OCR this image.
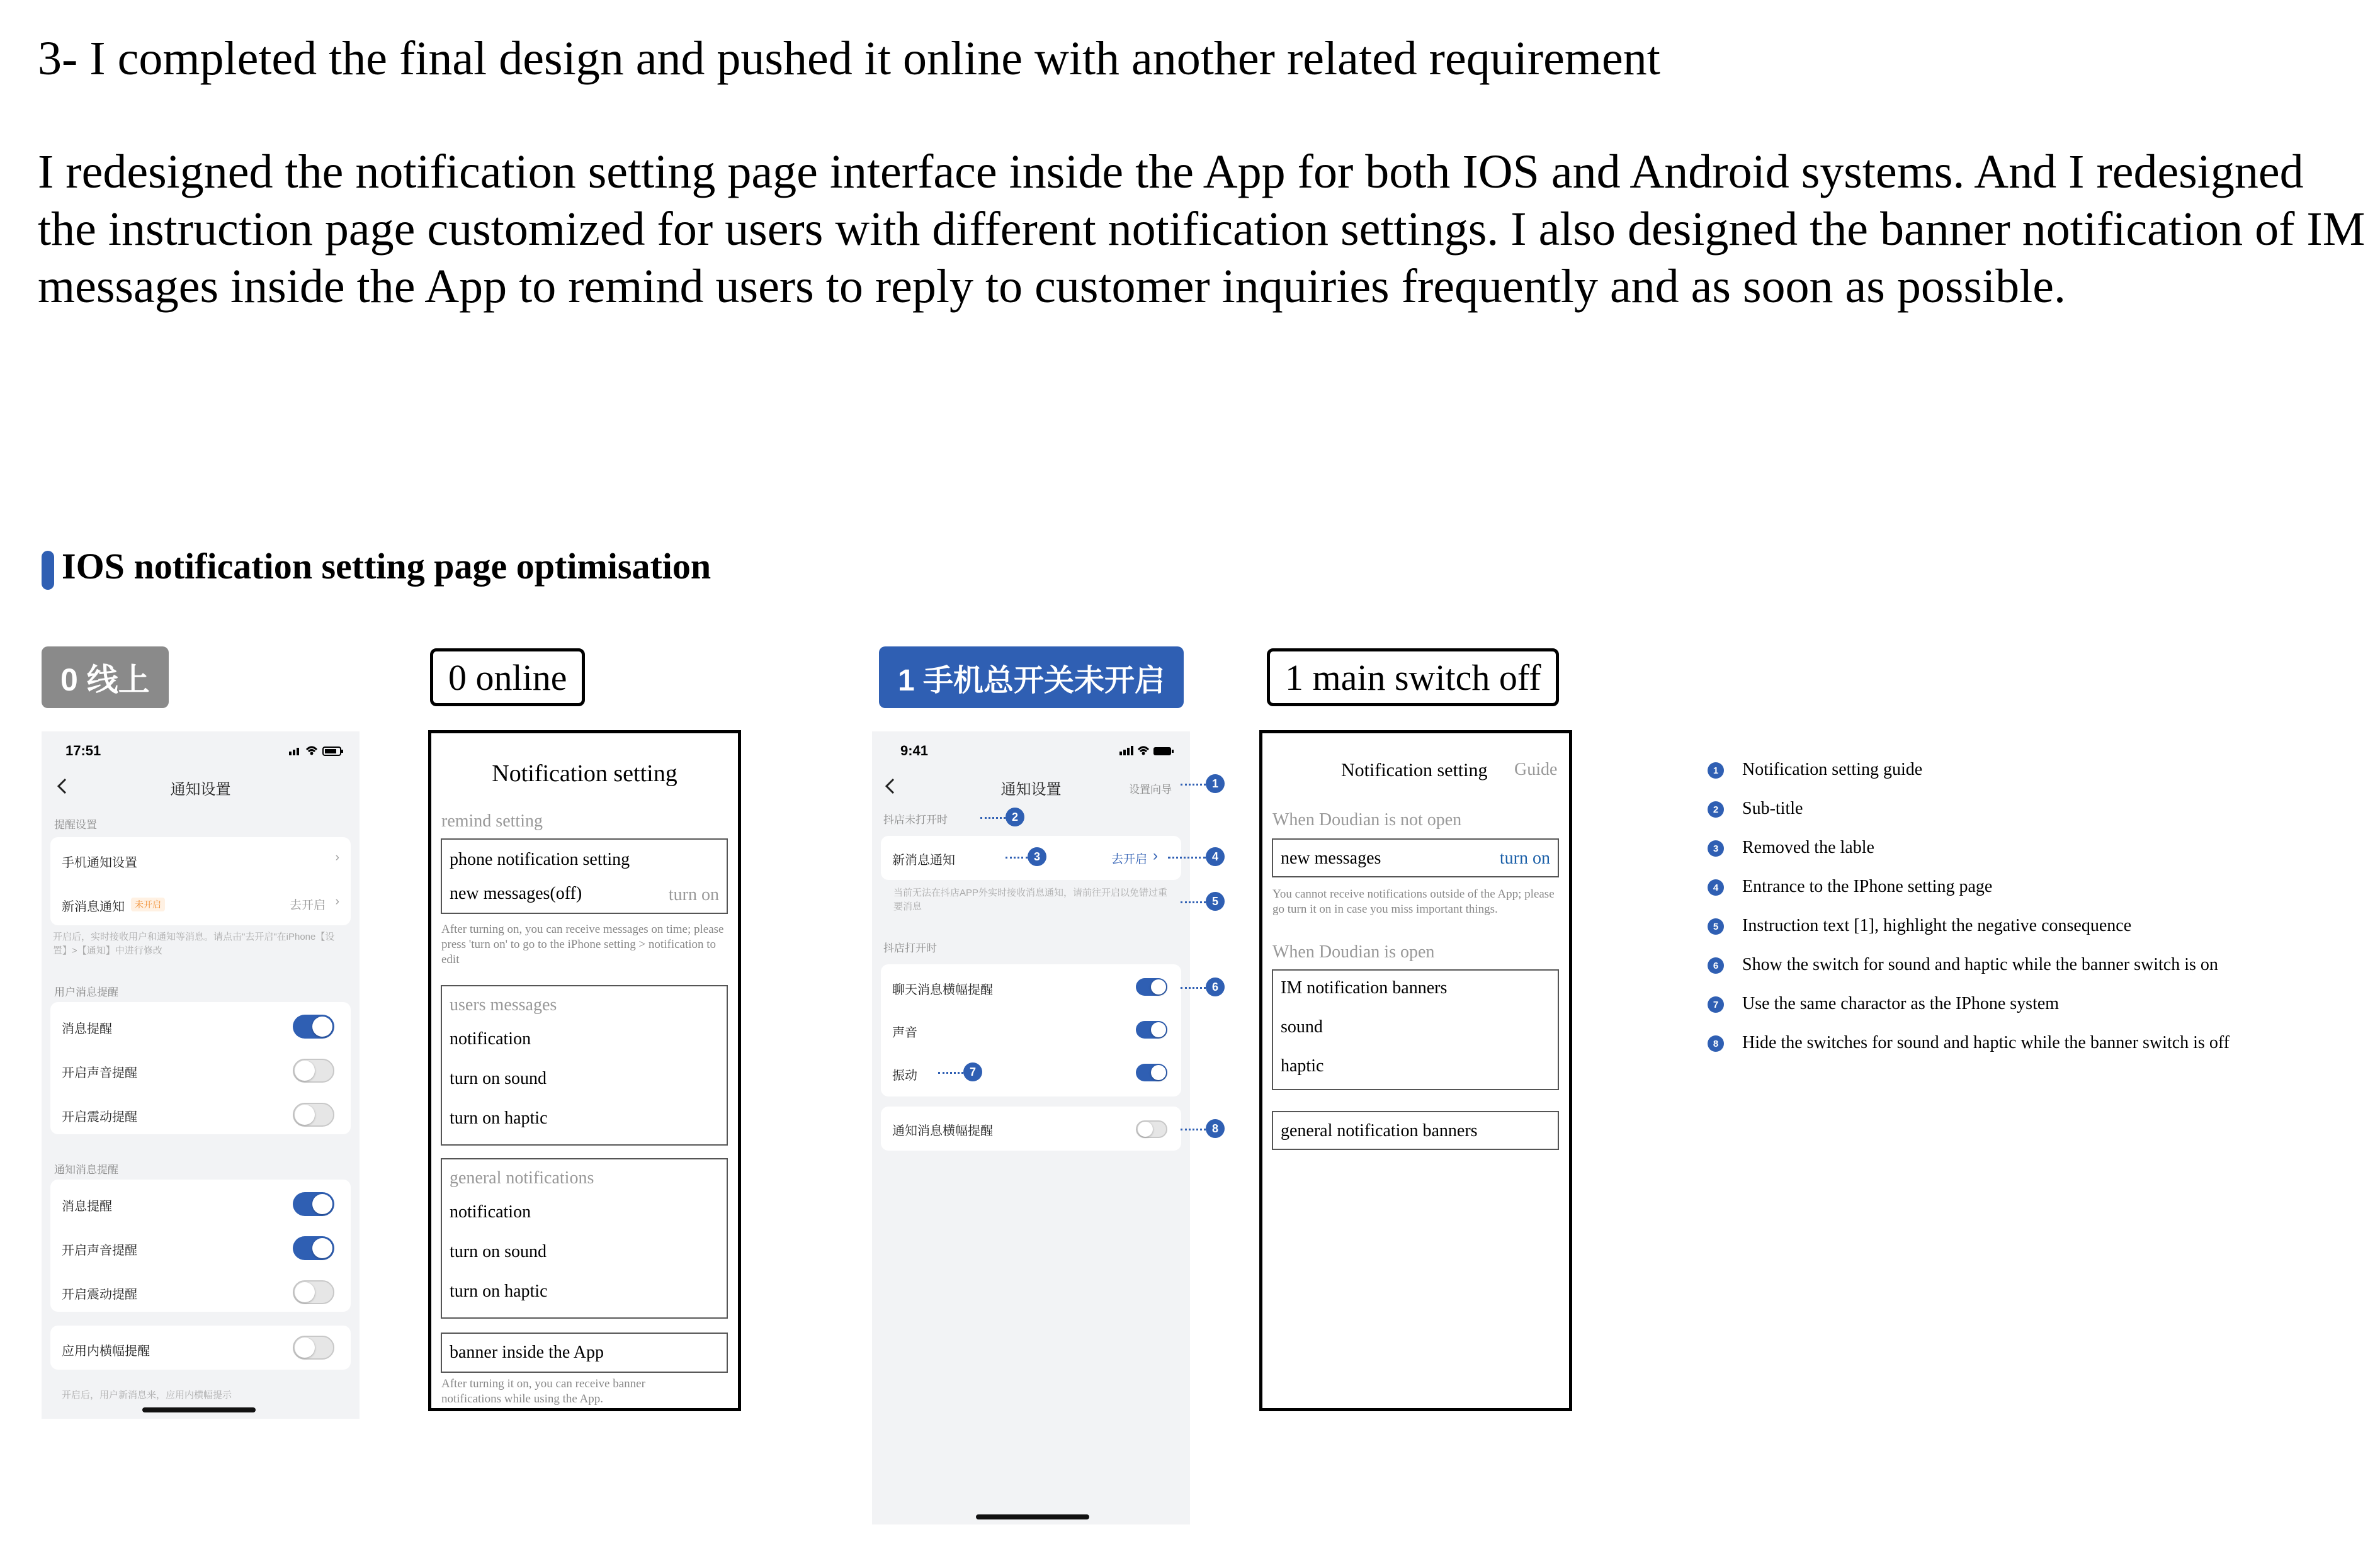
3- I completed the final design and pushed it online with another related requirement
I redesigned the notification setting page interface inside the App for both IOS and Android systems. And I redesigned the instruction page customized for users with different notification settings. I also designed the banner notification of IM messages inside the App to remind users to reply to customer inquiries frequently and as soon as possible.
IOS notification setting page optimisation
0 线上	0 online	1 手机总开关未开启	1 main switch off
17:51
通知设置
提醒设置
手机通知设置	›
新消息通知	未开启	去开启 ›
开启后，实时接收用户和通知等消息。请点击"去开启"在iPhone【设置】>【通知】中进行修改
用户消息提醒
消息提醒
开启声音提醒
开启震动提醒
通知消息提醒
消息提醒
开启声音提醒
开启震动提醒
应用内横幅提醒
开启后，用户新消息来，应用内横幅提示
Notification setting
remind setting
phone notification setting
new messages(off)	turn on
After turning on, you can receive messages on time; please press 'turn on' to go to the iPhone setting > notification to edit
users messages
notification
turn on sound
turn on haptic
general notifications
notification
turn on sound
turn on haptic
banner inside the App
After turning it on, you can receive banner notifications while using the App.
9:41
通知设置	设置向导
抖店未打开时
新消息通知	去开启 ›
当前无法在抖店APP外实时接收消息通知，请前往开启以免错过重要消息
抖店打开时
聊天消息横幅提醒
声音
振动
通知消息横幅提醒
1
2
3	4
5
6
7
8
Notification setting Guide
When Doudian is not open
new messages	turn on
You cannot receive notifications outside of the App; please go turn it on in case you miss important things.
When Doudian is open
IM notification banners
sound
haptic
general notification banners
1	Notification setting guide
2	Sub-title
3	Removed the lable
4	Entrance to the IPhone setting page
5	Instruction text [1], highlight the negative consequence
6	Show the switch for sound and haptic while the banner switch is on
7	Use the same charactor as the IPhone system
8	Hide the switches for sound and haptic while the banner switch is off
